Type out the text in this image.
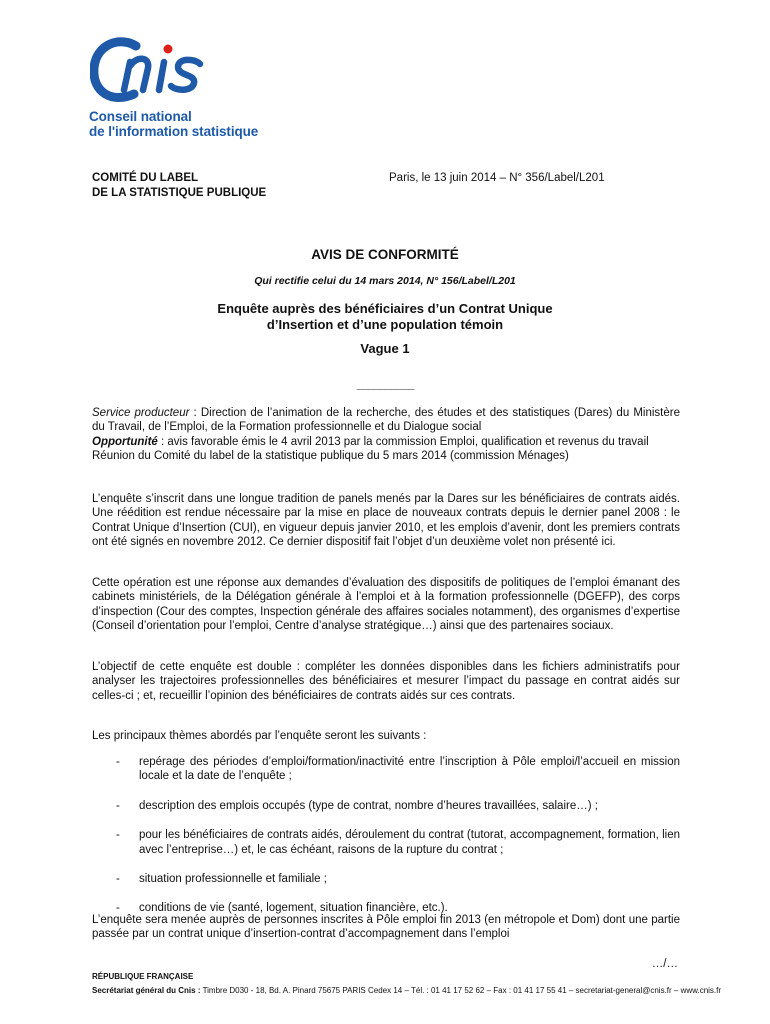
Conseil national
de l'information statistique
COMITÉ DU LABEL
DE LA STATISTIQUE PUBLIQUE
Paris, le 13 juin 2014 – N° 356/Label/L201
AVIS DE CONFORMITÉ
Qui rectifie celui du 14 mars 2014, N° 156/Label/L201
Enquête auprès des bénéficiaires d’un Contrat Unique
d’Insertion et d’une population témoin
Vague 1
__________

Service producteur : Direction de l’animation de la recherche, des études et des statistiques (Dares) du Ministère du Travail, de l’Emploi, de la Formation professionnelle et du Dialogue social

Opportunité : avis favorable émis le 4 avril 2013 par la commission Emploi, qualification et revenus du travail

Réunion du Comité du label de la statistique publique du 5 mars 2014 (commission Ménages)

L’enquête s’inscrit dans une longue tradition de panels menés par la Dares sur les bénéficiaires de contrats aidés. Une réédition est rendue nécessaire par la mise en place de nouveaux contrats depuis le dernier panel 2008 : le Contrat Unique d’Insertion (CUI), en vigueur depuis janvier 2010, et les emplois d’avenir, dont les premiers contrats ont été signés en novembre 2012. Ce dernier dispositif fait l’objet d’un deuxième volet non présenté ici.
Cette opération est une réponse aux demandes d’évaluation des dispositifs de politiques de l’emploi émanant des cabinets ministériels, de la Délégation générale à l’emploi et à la formation professionnelle (DGEFP), des corps d’inspection (Cour des comptes, Inspection générale des affaires sociales notamment), des organismes d’expertise (Conseil d’orientation pour l’emploi, Centre d’analyse stratégique…) ainsi que des partenaires sociaux.
L’objectif de cette enquête est double : compléter les données disponibles dans les fichiers administratifs pour analyser les trajectoires professionnelles des bénéficiaires et mesurer l’impact du passage en contrat aidés sur celles-ci ; et, recueillir l’opinion des bénéficiaires de contrats aidés sur ces contrats.
Les principaux thèmes abordés par l’enquête seront les suivants :
- repérage des périodes d’emploi/formation/inactivité entre l’inscription à Pôle emploi/l’accueil en mission locale et la date de l’enquête ;
- description des emplois occupés (type de contrat, nombre d’heures travaillées, salaire…) ;
- pour les bénéficiaires de contrats aidés, déroulement du contrat (tutorat, accompagnement, formation, lien avec l’entreprise…) et, le cas échéant, raisons de la rupture du contrat ;
- situation professionnelle et familiale ;
- conditions de vie (santé, logement, situation financière, etc.).
L’enquête sera menée auprès de personnes inscrites à Pôle emploi fin 2013 (en métropole et Dom) dont une partie passée par un contrat unique d’insertion-contrat d’accompagnement dans l’emploi
…/…
RÉPUBLIQUE FRANÇAISE
Secrétariat général du Cnis : Timbre D030 - 18, Bd. A. Pinard 75675 PARIS Cedex 14 – Tél. : 01 41 17 52 62 – Fax : 01 41 17 55 41 – secretariat-general@cnis.fr – www.cnis.fr
